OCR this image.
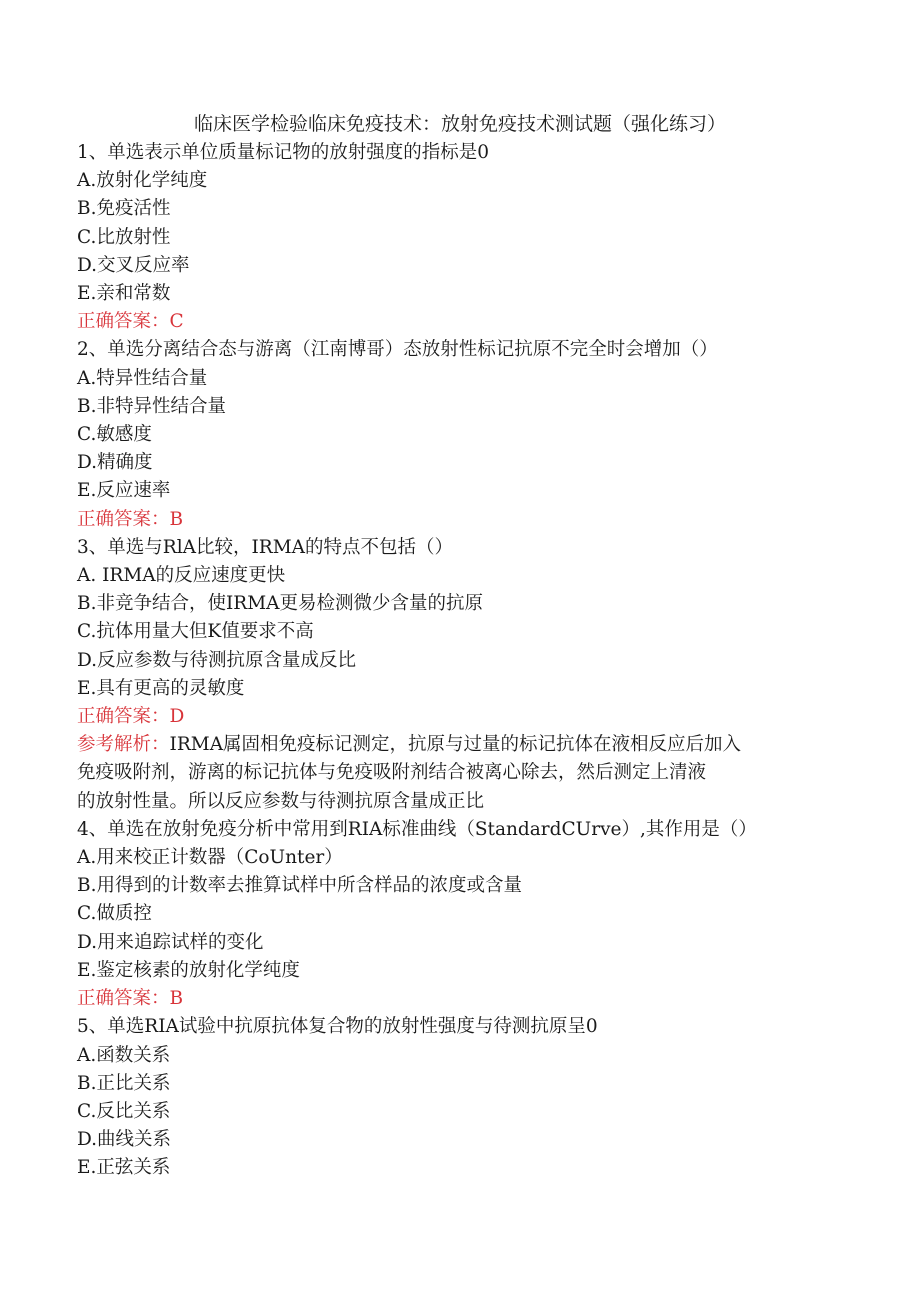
临床医学检验临床免疫技术：放射免疫技术测试题（强化练习）
1、单选表示单位质量标记物的放射强度的指标是0
A.放射化学纯度
B.免疫活性
C.比放射性
D.交叉反应率
E.亲和常数
正确答案：C
2、单选分离结合态与游离（江南博哥）态放射性标记抗原不完全时会增加（）
A.特异性结合量
B.非特异性结合量
C.敏感度
D.精确度
E.反应速率
正确答案：B
3、单选与RlA比较，IRMA的特点不包括（）
A. IRMA的反应速度更快
B.非竞争结合，使IRMA更易检测微少含量的抗原
C.抗体用量大但K值要求不高
D.反应参数与待测抗原含量成反比
E.具有更高的灵敏度
正确答案：D
参考解析：IRMA属固相免疫标记测定，抗原与过量的标记抗体在液相反应后加入
免疫吸附剂，游离的标记抗体与免疫吸附剂结合被离心除去，然后测定上清液
的放射性量。所以反应参数与待测抗原含量成正比
4、单选在放射免疫分析中常用到RIA标准曲线（StandardCUrve）,其作用是（）
A.用来校正计数器（CoUnter）
B.用得到的计数率去推算试样中所含样品的浓度或含量
C.做质控
D.用来追踪试样的变化
E.鉴定核素的放射化学纯度
正确答案：B
5、单选RIA试验中抗原抗体复合物的放射性强度与待测抗原呈0
A.函数关系
B.正比关系
C.反比关系
D.曲线关系
E.正弦关系
